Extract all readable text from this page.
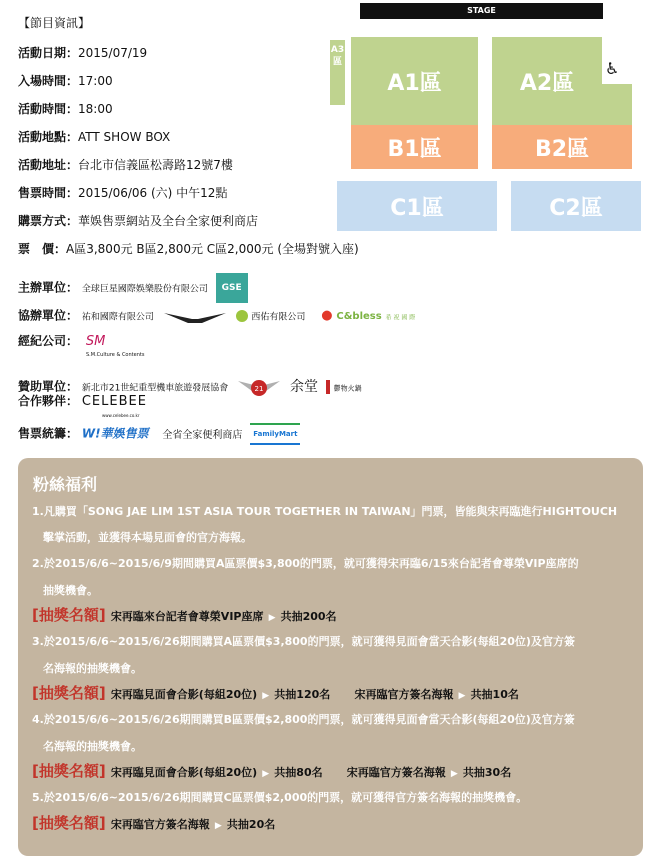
【節目資訊】
活動日期：2015/07/19
入場時間：17:00
活動時間：18:00
活動地點：ATT SHOW BOX
活動地址：台北市信義區松壽路12號7樓
售票時間：2015/06/06 (六) 中午12點
購票方式：華娛售票網站及全台全家便利商店
票　價：A區3,800元 B區2,800元 C區2,000元 (全場對號入座)
主辦單位： 全球巨星國際娛樂股份有限公司 GSE
協辦單位： 祐和國際有限公司	西佑有限公司 ● C&bless 希 祝 國 際
經紀公司： SM
S.M.Culture & Contents
贊助單位： 新北市21世紀重型機車旅遊發展協會	21 余堂 鬱物火鍋
合作夥伴： CELEBEE
www.celebee.co.kr
售票統籌： W!華娛售票 全省全家便利商店 FamilyMart
STAGE
A3區
A1區	A2區
♿
B1區	B2區
C1區	C2區
粉絲福利
1.凡購買「SONG JAE LIM 1ST ASIA TOUR TOGETHER IN TAIWAN」門票，皆能與宋再臨進行HIGHTOUCH
擊掌活動，並獲得本場見面會的官方海報。
2.於2015/6/6~2015/6/9期間購買A區票價$3,800的門票，就可獲得宋再臨6/15來台記者會尊榮VIP座席的
抽獎機會。
[抽獎名額] 宋再臨來台記者會尊榮VIP座席 ▶ 共抽200名
3.於2015/6/6~2015/6/26期間購買A區票價$3,800的門票，就可獲得見面會當天合影(每組20位)及官方簽
名海報的抽獎機會。
[抽獎名額] 宋再臨見面會合影(每組20位) ▶ 共抽120名 宋再臨官方簽名海報 ▶ 共抽10名
4.於2015/6/6~2015/6/26期間購買B區票價$2,800的門票，就可獲得見面會當天合影(每組20位)及官方簽
名海報的抽獎機會。
[抽獎名額] 宋再臨見面會合影(每組20位) ▶ 共抽80名 宋再臨官方簽名海報 ▶ 共抽30名
5.於2015/6/6~2015/6/26期間購買C區票價$2,000的門票，就可獲得官方簽名海報的抽獎機會。
[抽獎名額] 宋再臨官方簽名海報 ▶ 共抽20名
